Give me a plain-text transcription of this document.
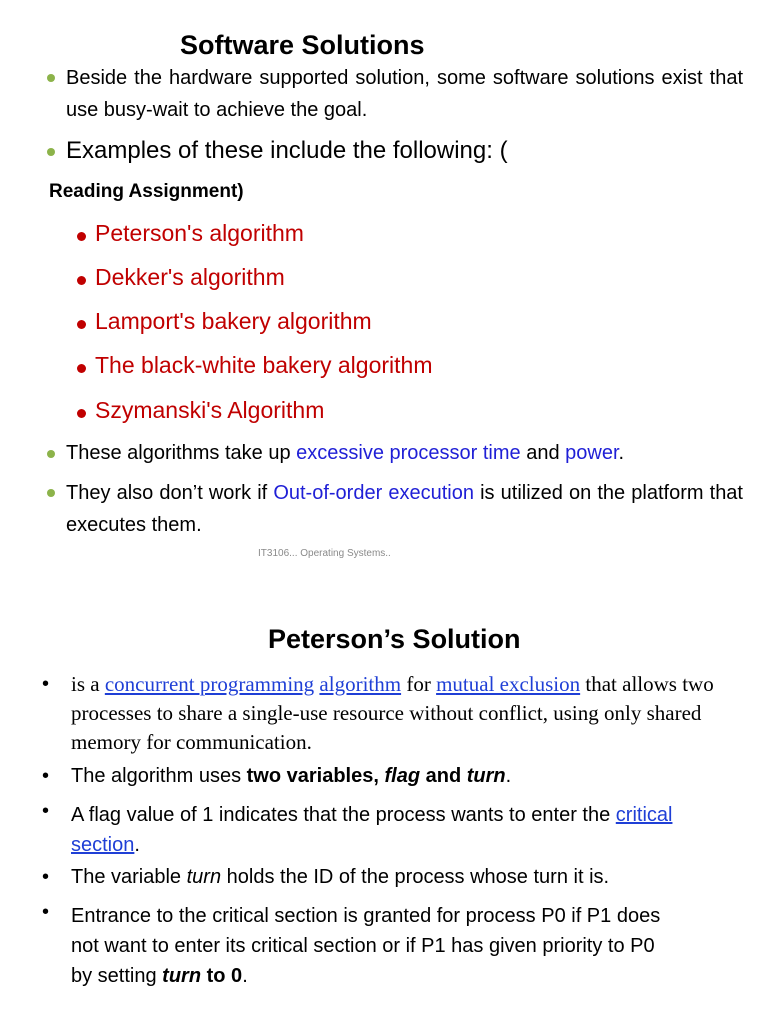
Software Solutions
Beside the hardware supported solution, some software solutions exist that use busy-wait to achieve the goal.
Examples of these include the following: (
Reading Assignment)
Peterson's algorithm
Dekker's algorithm
Lamport's bakery algorithm
The black-white bakery algorithm
Szymanski's Algorithm
These algorithms take up excessive processor time and power.
They also don’t work if Out-of-order execution is utilized on the platform that executes them.
IT3106... Operating Systems..
Peterson’s Solution
• is a concurrent programming algorithm for mutual exclusion that allows two processes to share a single-use resource without conflict, using only shared memory for communication.
• The algorithm uses two variables, flag and turn.
• A flag value of 1 indicates that the process wants to enter the critical section.
• The variable turn holds the ID of the process whose turn it is.
• Entrance to the critical section is granted for process P0 if P1 does not want to enter its critical section or if P1 has given priority to P0 by setting turn to 0.
